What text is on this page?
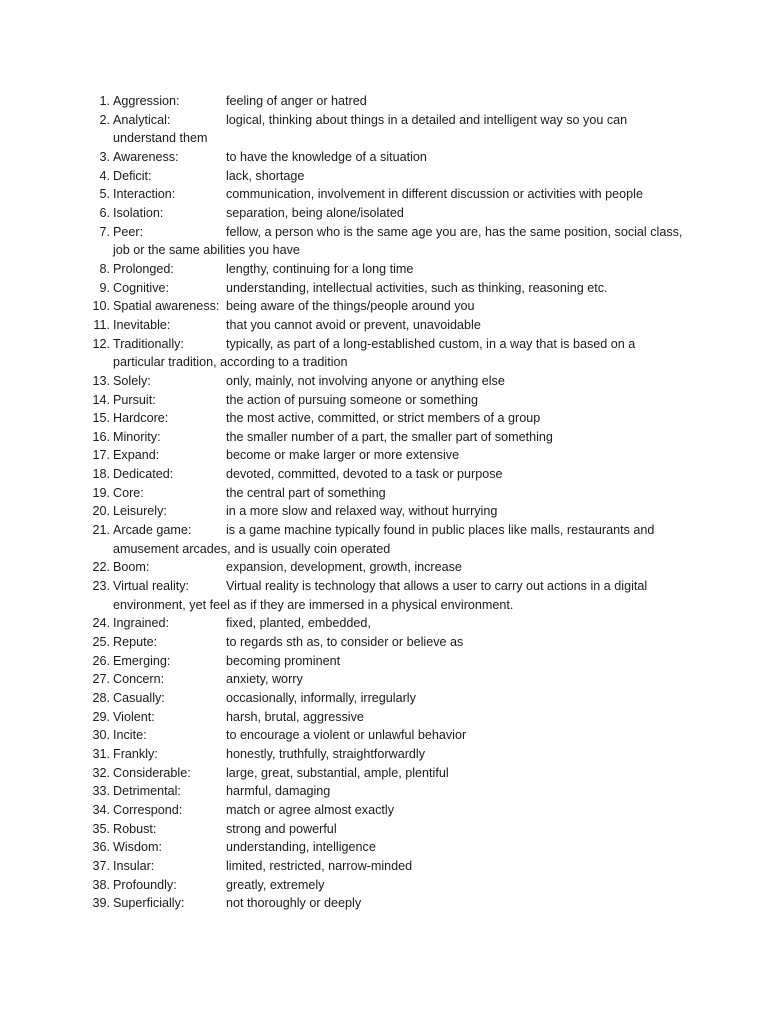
1. Aggression:	feeling of anger or hatred
2. Analytical:	logical, thinking about things in a detailed and intelligent way so you can understand them
3. Awareness:	to have the knowledge of a situation
4. Deficit:	lack, shortage
5. Interaction:	communication, involvement in different discussion or activities with people
6. Isolation:	separation, being alone/isolated
7. Peer:	fellow, a person who is the same age you are, has the same position, social class, job or the same abilities you have
8. Prolonged:	lengthy, continuing for a long time
9. Cognitive:	understanding, intellectual activities, such as thinking, reasoning etc.
10. Spatial awareness: being aware of the things/people around you
11. Inevitable:	that you cannot avoid or prevent, unavoidable
12. Traditionally:	typically, as part of a long-established custom, in a way that is based on a particular tradition, according to a tradition
13. Solely:	only, mainly, not involving anyone or anything else
14. Pursuit:	the action of pursuing someone or something
15. Hardcore:	the most active, committed, or strict members of a group
16. Minority:	the smaller number of a part, the smaller part of something
17. Expand:	become or make larger or more extensive
18. Dedicated:	devoted, committed, devoted to a task or purpose
19. Core:	the central part of something
20. Leisurely:	in a more slow and relaxed way, without hurrying
21. Arcade game:	is a game machine typically found in public places like malls, restaurants and amusement arcades, and is usually coin operated
22. Boom:	expansion, development, growth, increase
23. Virtual reality:	Virtual reality is technology that allows a user to carry out actions in a digital environment, yet feel as if they are immersed in a physical environment.
24. Ingrained:	fixed, planted, embedded,
25. Repute:	to regards sth as, to consider or believe as
26. Emerging:	becoming prominent
27. Concern:	anxiety, worry
28. Casually:	occasionally, informally, irregularly
29. Violent:	harsh, brutal, aggressive
30. Incite:	to encourage a violent or unlawful behavior
31. Frankly:	honestly, truthfully, straightforwardly
32. Considerable:	large, great, substantial, ample, plentiful
33. Detrimental:	harmful, damaging
34. Correspond:	match or agree almost exactly
35. Robust:	strong and powerful
36. Wisdom:	understanding, intelligence
37. Insular:	limited, restricted, narrow-minded
38. Profoundly:	greatly, extremely
39. Superficially:	not thoroughly or deeply
